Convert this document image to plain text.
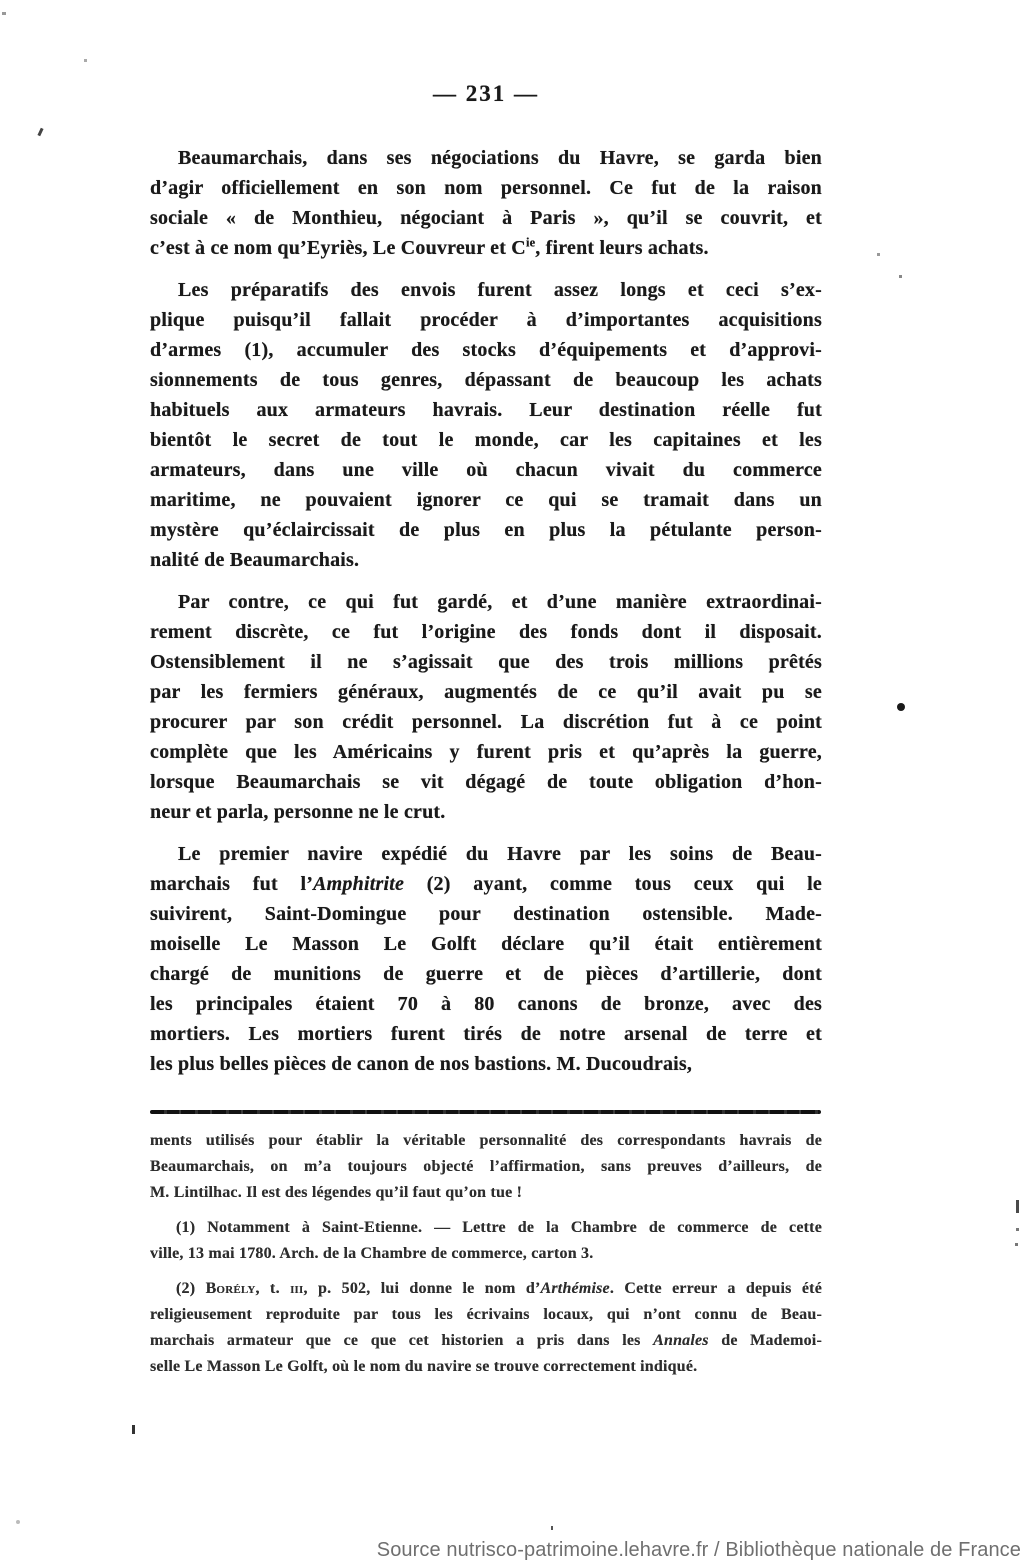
— 231 —
Beaumarchais, dans ses négociations du Havre, se garda bien
d’agir officiellement en son nom personnel. Ce fut de la raison
sociale « de Monthieu, négociant à Paris », qu’il se couvrit, et
c’est à ce nom qu’Eyriès, Le Couvreur et $C^{ie}$, firent leurs achats.
Les préparatifs des envois furent assez longs et ceci s’ex-
plique puisqu’il fallait procéder à d’importantes acquisitions
d’armes (1), accumuler des stocks d’équipements et d’approvi-
sionnements de tous genres, dépassant de beaucoup les achats
habituels aux armateurs havrais. Leur destination réelle fut
bientôt le secret de tout le monde, car les capitaines et les
armateurs, dans une ville où chacun vivait du commerce
maritime, ne pouvaient ignorer ce qui se tramait dans un
mystère qu’éclaircissait de plus en plus la pétulante person-
nalité de Beaumarchais.
Par contre, ce qui fut gardé, et d’une manière extraordinai-
rement discrète, ce fut l’origine des fonds dont il disposait.
Ostensiblement il ne s’agissait que des trois millions prêtés
par les fermiers généraux, augmentés de ce qu’il avait pu se
procurer par son crédit personnel. La discrétion fut à ce point
complète que les Américains y furent pris et qu’après la guerre,
lorsque Beaumarchais se vit dégagé de toute obligation d’hon-
neur et parla, personne ne le crut.
Le premier navire expédié du Havre par les soins de Beau-
marchais fut l’Amphitrite (2) ayant, comme tous ceux qui le
suivirent, Saint-Domingue pour destination ostensible. Made-
moiselle Le Masson Le Golft déclare qu’il était entièrement
chargé de munitions de guerre et de pièces d’artillerie, dont
les principales étaient 70 à 80 canons de bronze, avec des
mortiers. Les mortiers furent tirés de notre arsenal de terre et
les plus belles pièces de canon de nos bastions. M. Ducoudrais,
ments utilisés pour établir la véritable personnalité des correspondants havrais de
Beaumarchais, on m’a toujours objecté l’affirmation, sans preuves d’ailleurs, de
M. Lintilhac. Il est des légendes qu’il faut qu’on tue !
(1) Notamment à Saint-Etienne. — Lettre de la Chambre de commerce de cette
ville, 13 mai 1780. Arch. de la Chambre de commerce, carton 3.
(2) Borély, t. iii, p. 502, lui donne le nom d’Arthémise. Cette erreur a depuis été
religieusement reproduite par tous les écrivains locaux, qui n’ont connu de Beau-
marchais armateur que ce que cet historien a pris dans les Annales de Mademoi-
selle Le Masson Le Golft, où le nom du navire se trouve correctement indiqué.
Source nutrisco-patrimoine.lehavre.fr / Bibliothèque nationale de France
